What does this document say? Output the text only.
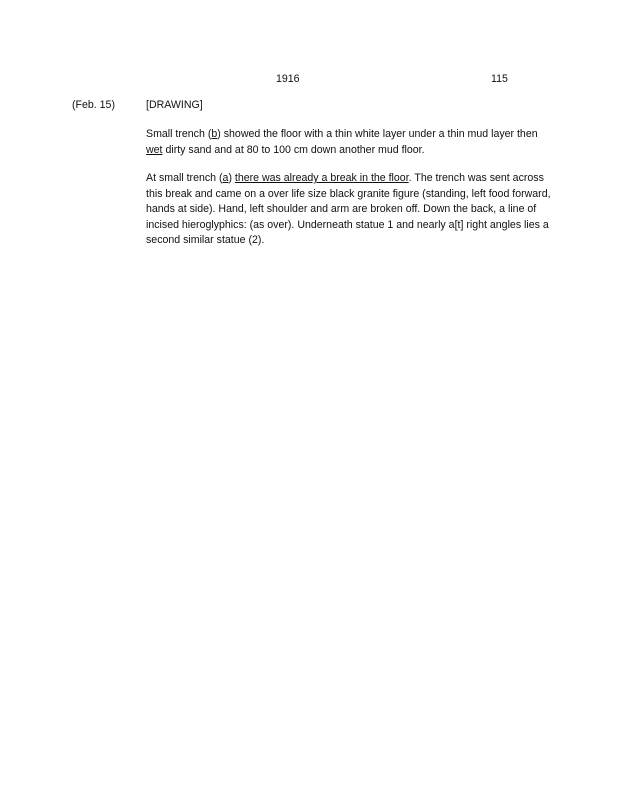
1916	115
(Feb. 15)	[DRAWING]

Small trench (b) showed the floor with a thin white layer under a thin mud layer then wet dirty sand and at 80 to 100 cm down another mud floor.

At small trench (a) there was already a break in the floor. The trench was sent across this break and came on a over life size black granite figure (standing, left food forward, hands at side). Hand, left shoulder and arm are broken off. Down the back, a line of incised hieroglyphics: (as over). Underneath statue 1 and nearly a[t] right angles lies a second similar statue (2).
